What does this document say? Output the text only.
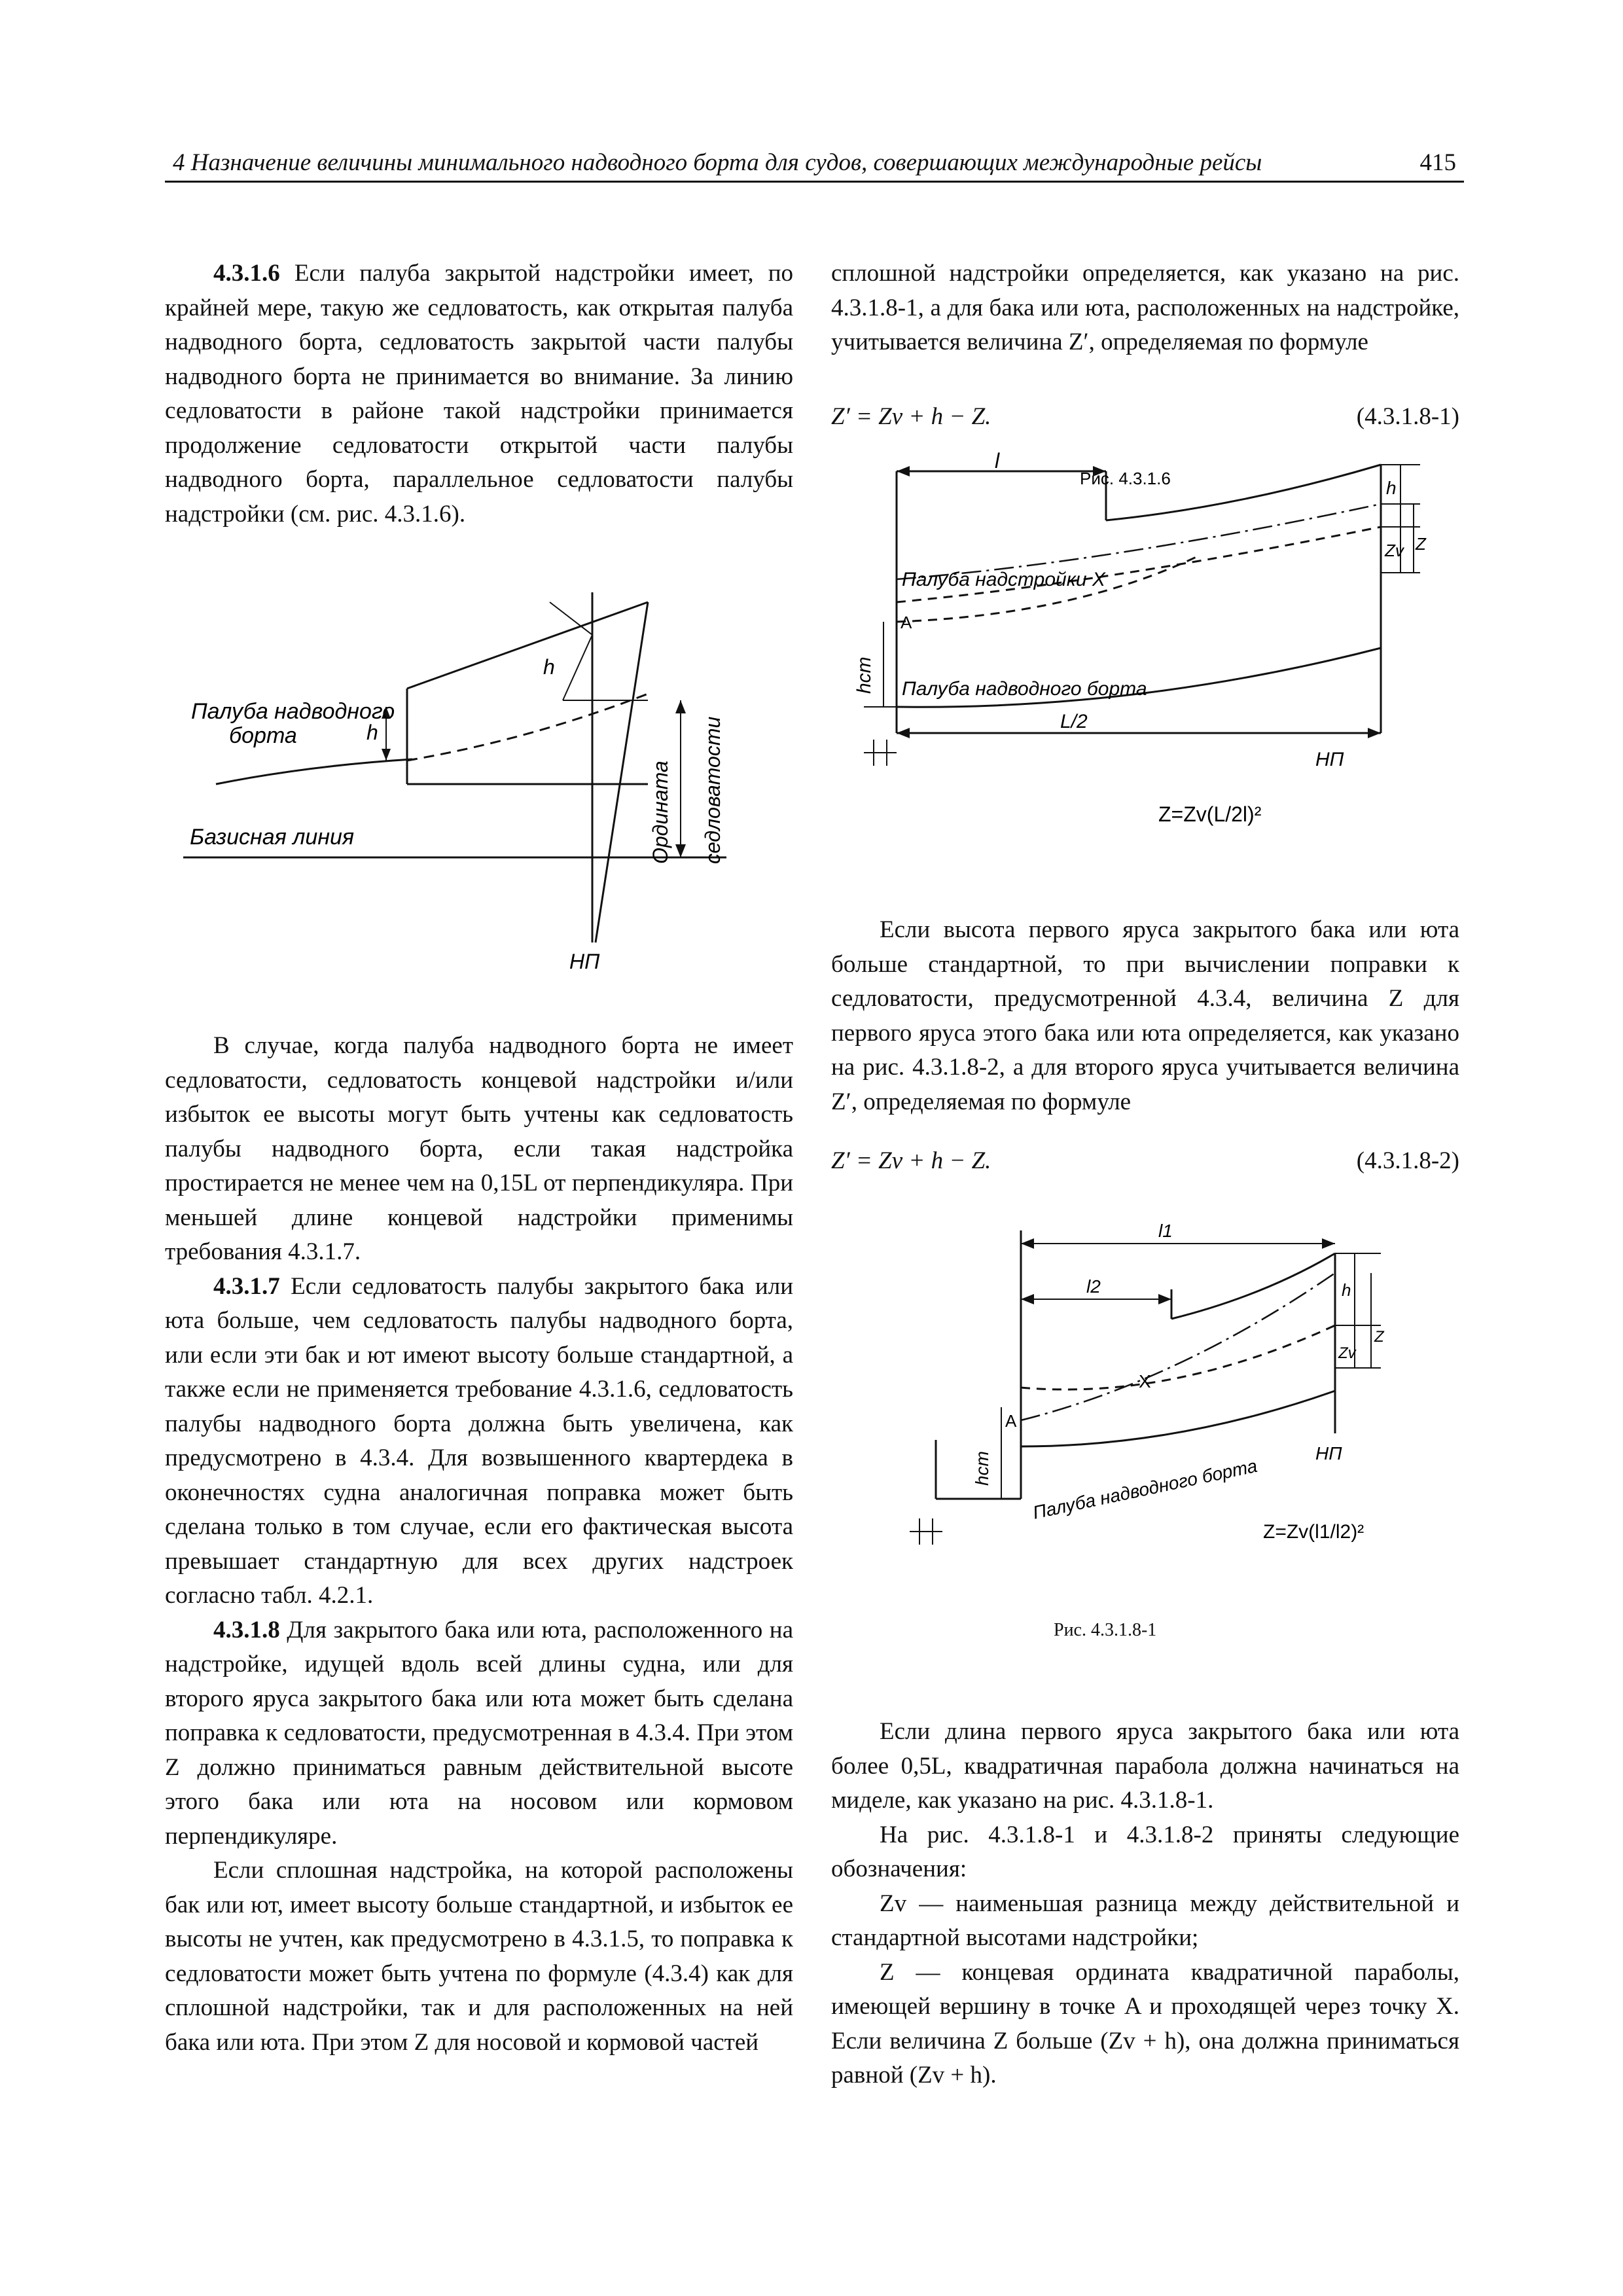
4 Назначение величины минимального надводного борта для судов, совершающих международные рейсы	415

4.3.1.6 Если палуба закрытой надстройки имеет, по крайней мере, такую же седловатость, как открытая палуба надводного борта, седловатость закрытой части палубы надводного борта не принимается во внимание. За линию седловатости в районе такой надстройки принимается продолжение седловатости открытой части палубы надводного борта, параллельное седловатости палубы надстройки (см. рис. 4.3.1.6).

Палуба надводного
борта
Базисная линия
h
h
Ордината седловатости
НП

В случае, когда палуба надводного борта не имеет седловатости, седловатость концевой надстройки и/или избыток ее высоты могут быть учтены как седловатость палубы надводного борта, если такая надстройка простирается не менее чем на 0,15L от перпендикуляра. При меньшей длине концевой надстройки применимы требования 4.3.1.7.

4.3.1.7 Если седловатость палубы закрытого бака или юта больше, чем седловатость палубы надводного борта, или если эти бак и ют имеют высоту больше стандартной, а также если не применяется требование 4.3.1.6, седловатость палубы надводного борта должна быть увеличена, как предусмотрено в 4.3.4. Для возвышенного квартердека в оконечностях судна аналогичная поправка может быть сделана только в том случае, если его фактическая высота превышает стандартную для всех других надстроек согласно табл. 4.2.1.

4.3.1.8 Для закрытого бака или юта, расположенного на надстройке, идущей вдоль всей длины судна, или для второго яруса закрытого бака или юта может быть сделана поправка к седловатости, предусмотренная в 4.3.4. При этом Z должно приниматься равным действительной высоте этого бака или юта на носовом или кормовом перпендикуляре.

Если сплошная надстройка, на которой расположены бак или ют, имеет высоту больше стандартной, и избыток ее высоты не учтен, как предусмотрено в 4.3.1.5, то поправка к седловатости может быть учтена по формуле (4.3.4) как для сплошной надстройки, так и для расположенных на ней бака или юта. При этом Z для носовой и кормовой частей

сплошной надстройки определяется, как указано на рис. 4.3.1.8-1, а для бака или юта, расположенных на надстройке, учитывается величина Z′, определяемая по формуле

Z′ = Zv + h − Z.	(4.3.1.8-1)
l
Рис. 4.3.1.6
Палуба надстройки X
Палуба надводного борта
L/2
hст
A
h
Zv Z
НП
Z=Zv(L/2l)²

Если высота первого яруса закрытого бака или юта больше стандартной, то при вычислении поправки к седловатости, предусмотренной 4.3.4, величина Z для первого яруса этого бака или юта определяется, как указано на рис. 4.3.1.8-2, а для второго яруса учитывается величина Z′, определяемая по формуле

Z′ = Zv + h − Z.	(4.3.1.8-2)
l1
l2
X
A
hст Палуба надводного борта
h
Zv
Z
НП
Z=Zv(l1/l2)²
Рис. 4.3.1.8-1

Если длина первого яруса закрытого бака или юта более 0,5L, квадратичная парабола должна начинаться на миделе, как указано на рис. 4.3.1.8-1.

На рис. 4.3.1.8-1 и 4.3.1.8-2 приняты следующие обозначения:

Zv — наименьшая разница между действительной и стандартной высотами надстройки;

Z — концевая ордината квадратичной параболы, имеющей вершину в точке A и проходящей через точку X. Если величина Z больше (Zv + h), она должна приниматься равной (Zv + h).
